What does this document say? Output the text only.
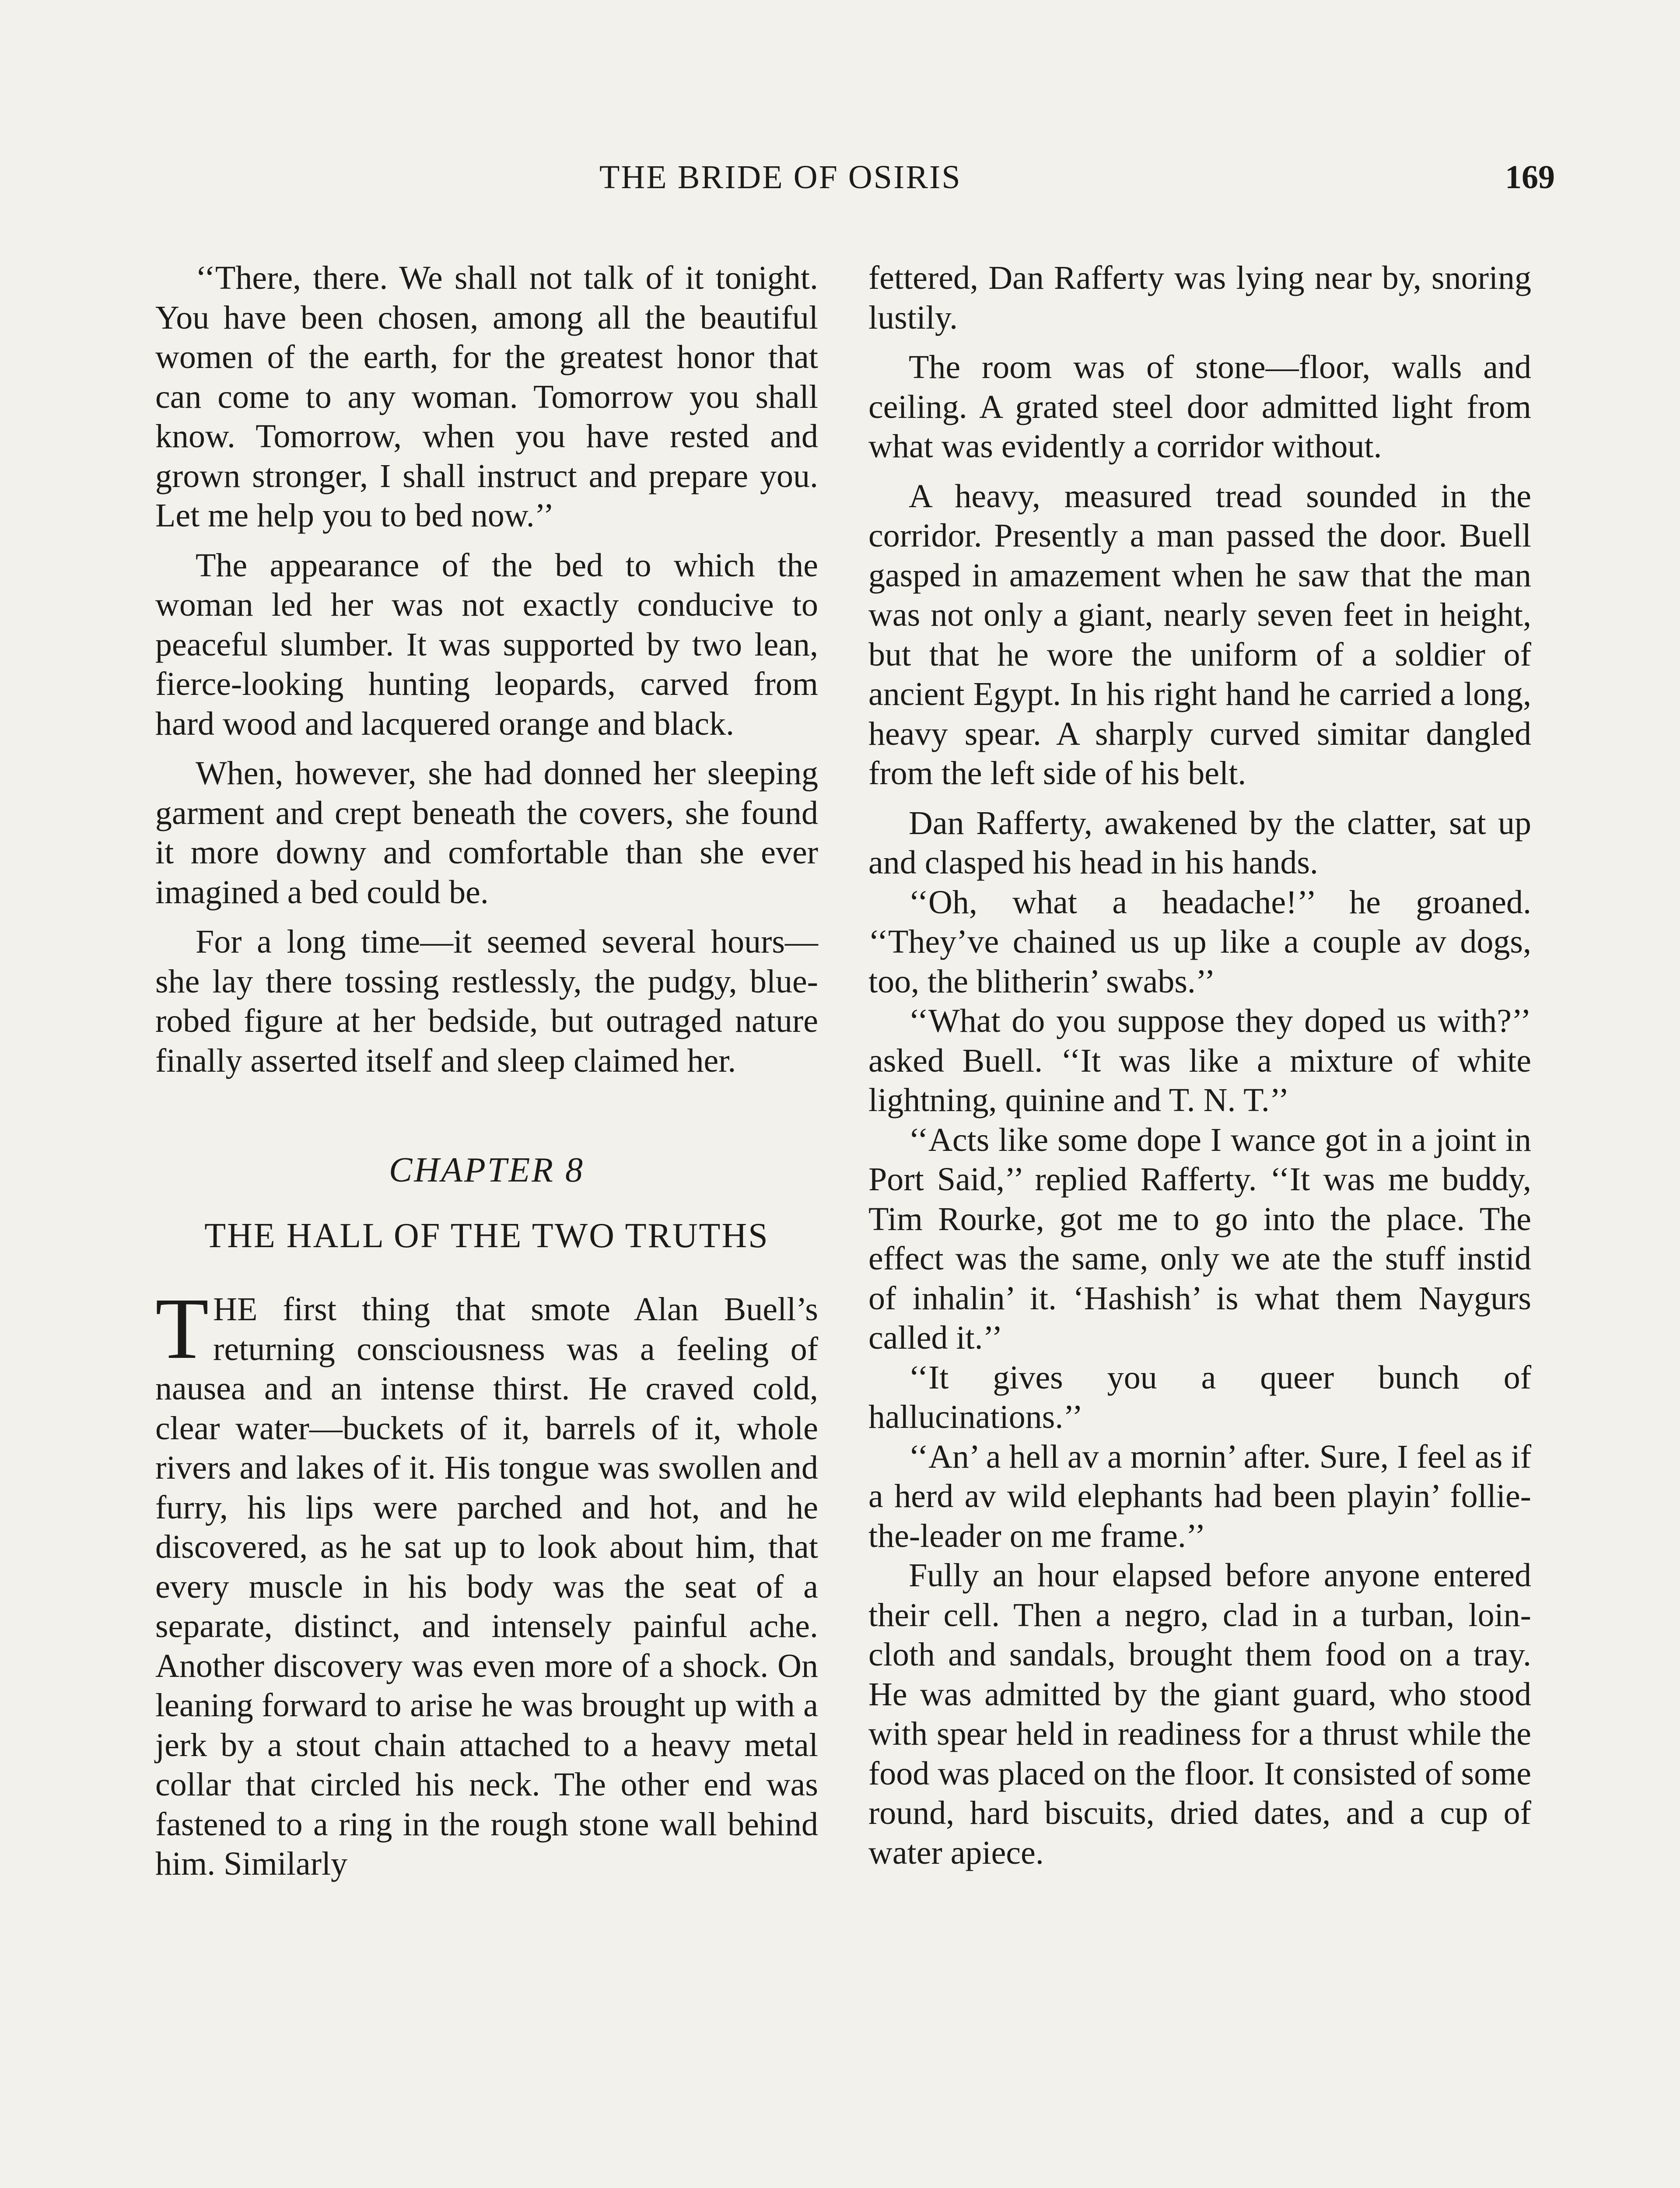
THE BRIDE OF OSIRIS	169

‘‘There, there. We shall not talk of it tonight. You have been chosen, among all the beautiful women of the earth, for the greatest honor that can come to any woman. Tomorrow you shall know. Tomorrow, when you have rested and grown stronger, I shall instruct and prepare you. Let me help you to bed now.’’

The appearance of the bed to which the woman led her was not exactly conducive to peaceful slumber. It was supported by two lean, fierce-looking hunting leopards, carved from hard wood and lacquered orange and black.

When, however, she had donned her sleeping garment and crept beneath the covers, she found it more downy and comfortable than she ever imagined a bed could be.

For a long time—it seemed several hours—she lay there tossing restlessly, the pudgy, blue-robed figure at her bedside, but outraged nature finally asserted itself and sleep claimed her.

CHAPTER 8
THE HALL OF THE TWO TRUTHS

THE first thing that smote Alan Buell’s returning consciousness was a feeling of nausea and an intense thirst. He craved cold, clear water—buckets of it, barrels of it, whole rivers and lakes of it. His tongue was swollen and furry, his lips were parched and hot, and he discovered, as he sat up to look about him, that every muscle in his body was the seat of a separate, distinct, and intensely painful ache. Another discovery was even more of a shock. On leaning forward to arise he was brought up with a jerk by a stout chain attached to a heavy metal collar that circled his neck. The other end was fastened to a ring in the rough stone wall behind him. Similarly

fettered, Dan Rafferty was lying near by, snoring lustily.

The room was of stone—floor, walls and ceiling. A grated steel door admitted light from what was evidently a corridor without.

A heavy, measured tread sounded in the corridor. Presently a man passed the door. Buell gasped in amazement when he saw that the man was not only a giant, nearly seven feet in height, but that he wore the uniform of a soldier of ancient Egypt. In his right hand he carried a long, heavy spear. A sharply curved simitar dangled from the left side of his belt.

Dan Rafferty, awakened by the clatter, sat up and clasped his head in his hands.

‘‘Oh, what a headache!’’ he groaned. ‘‘They’ve chained us up like a couple av dogs, too, the blitherin’ swabs.’’

‘‘What do you suppose they doped us with?’’ asked Buell. ‘‘It was like a mixture of white lightning, quinine and T. N. T.’’

‘‘Acts like some dope I wance got in a joint in Port Said,’’ replied Rafferty. ‘‘It was me buddy, Tim Rourke, got me to go into the place. The effect was the same, only we ate the stuff instid of inhalin’ it. ‘Hashish’ is what them Naygurs called it.’’

‘‘It gives you a queer bunch of hallucinations.’’

‘‘An’ a hell av a mornin’ after. Sure, I feel as if a herd av wild elephants had been playin’ follie-the-leader on me frame.’’

Fully an hour elapsed before anyone entered their cell. Then a negro, clad in a turban, loin-cloth and sandals, brought them food on a tray. He was admitted by the giant guard, who stood with spear held in readiness for a thrust while the food was placed on the floor. It consisted of some round, hard biscuits, dried dates, and a cup of water apiece.
